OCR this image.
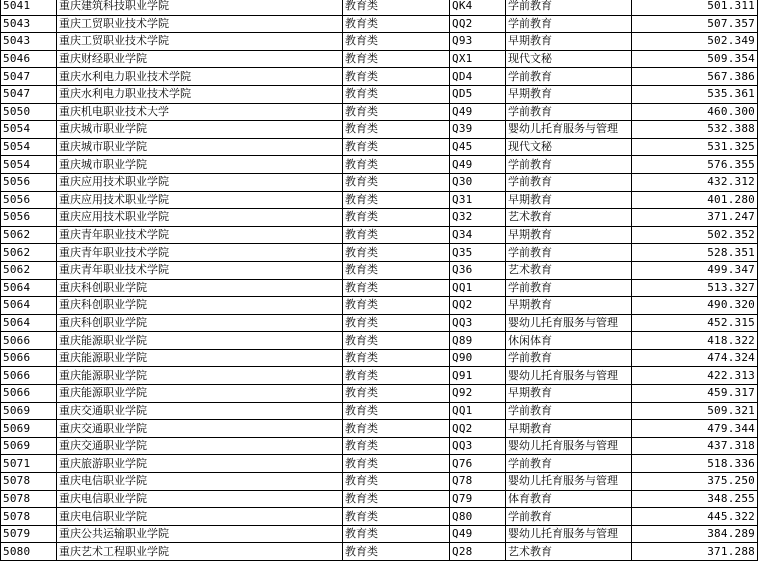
5041	重庆建筑科技职业学院	教育类	QK4	学前教育	501.311
5043	重庆工贸职业技术学院	教育类	QQ2	学前教育	507.357
5043	重庆工贸职业技术学院	教育类	Q93	早期教育	502.349
5046	重庆财经职业学院	教育类	QX1	现代文秘	509.354
5047	重庆水利电力职业技术学院	教育类	QD4	学前教育	567.386
5047	重庆水利电力职业技术学院	教育类	QD5	早期教育	535.361
5050	重庆机电职业技术大学	教育类	Q49	学前教育	460.300
5054	重庆城市职业学院	教育类	Q39	婴幼儿托育服务与管理	532.388
5054	重庆城市职业学院	教育类	Q45	现代文秘	531.325
5054	重庆城市职业学院	教育类	Q49	学前教育	576.355
5056	重庆应用技术职业学院	教育类	Q30	学前教育	432.312
5056	重庆应用技术职业学院	教育类	Q31	早期教育	401.280
5056	重庆应用技术职业学院	教育类	Q32	艺术教育	371.247
5062	重庆青年职业技术学院	教育类	Q34	早期教育	502.352
5062	重庆青年职业技术学院	教育类	Q35	学前教育	528.351
5062	重庆青年职业技术学院	教育类	Q36	艺术教育	499.347
5064	重庆科创职业学院	教育类	QQ1	学前教育	513.327
5064	重庆科创职业学院	教育类	QQ2	早期教育	490.320
5064	重庆科创职业学院	教育类	QQ3	婴幼儿托育服务与管理	452.315
5066	重庆能源职业学院	教育类	Q89	休闲体育	418.322
5066	重庆能源职业学院	教育类	Q90	学前教育	474.324
5066	重庆能源职业学院	教育类	Q91	婴幼儿托育服务与管理	422.313
5066	重庆能源职业学院	教育类	Q92	早期教育	459.317
5069	重庆交通职业学院	教育类	QQ1	学前教育	509.321
5069	重庆交通职业学院	教育类	QQ2	早期教育	479.344
5069	重庆交通职业学院	教育类	QQ3	婴幼儿托育服务与管理	437.318
5071	重庆旅游职业学院	教育类	Q76	学前教育	518.336
5078	重庆电信职业学院	教育类	Q78	婴幼儿托育服务与管理	375.250
5078	重庆电信职业学院	教育类	Q79	体育教育	348.255
5078	重庆电信职业学院	教育类	Q80	学前教育	445.322
5079	重庆公共运输职业学院	教育类	Q49	婴幼儿托育服务与管理	384.289
5080	重庆艺术工程职业学院	教育类	Q28	艺术教育	371.288
